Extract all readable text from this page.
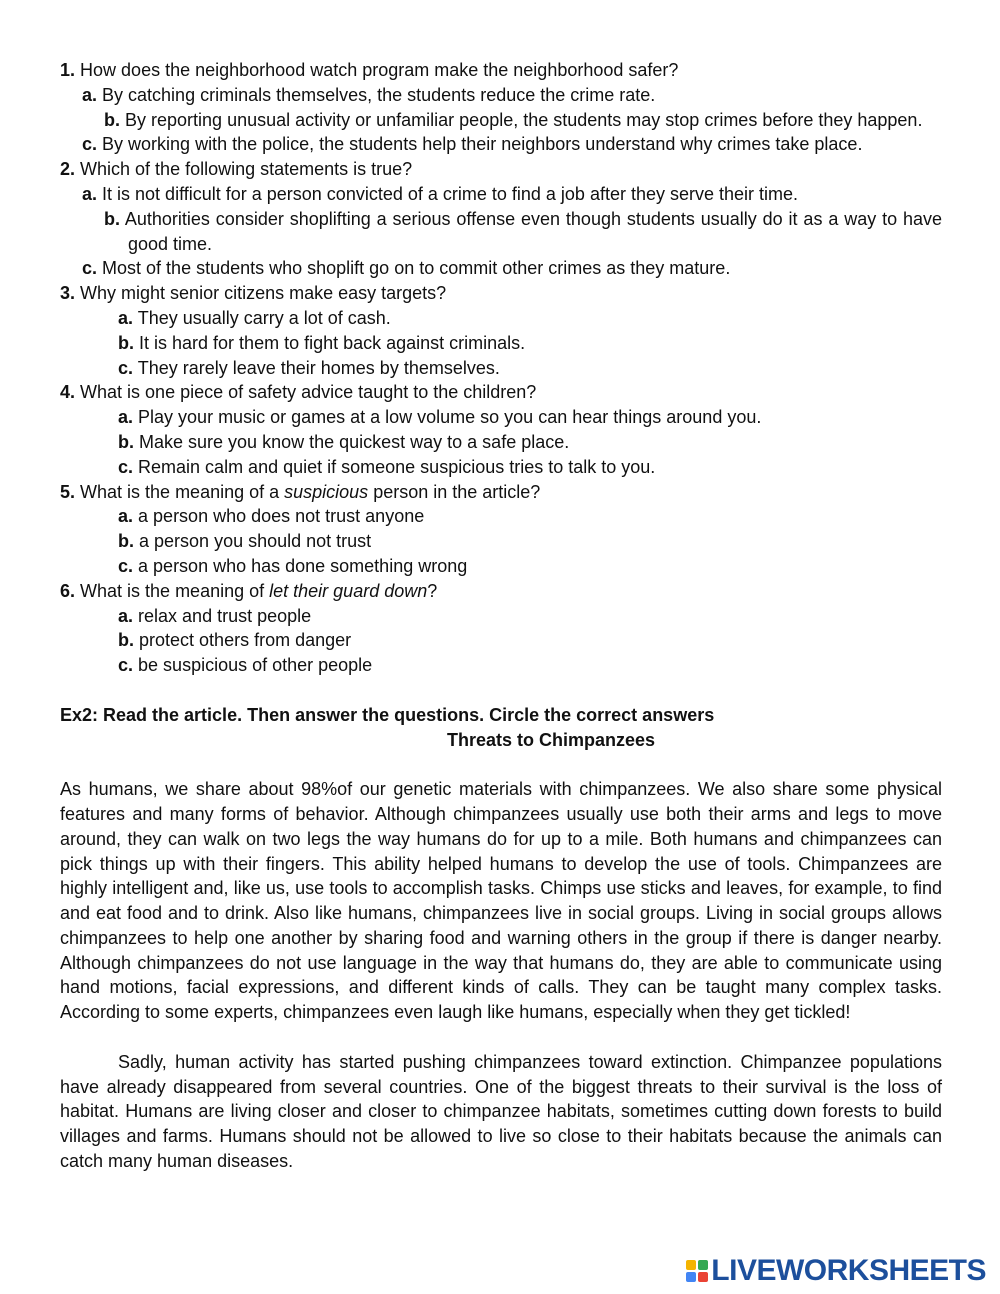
1. How does the neighborhood watch program make the neighborhood safer?
a. By catching criminals themselves, the students reduce the crime rate.
b. By reporting unusual activity or unfamiliar people, the students may stop crimes before they happen.
c. By working with the police, the students help their neighbors understand why crimes take place.
2. Which of the following statements is true?
a. It is not difficult for a person convicted of a crime to find a job after they serve their time.
b. Authorities consider shoplifting a serious offense even though students usually do it as a way to have good time.
c. Most of the students who shoplift go on to commit other crimes as they mature.
3. Why might senior citizens make easy targets?
a. They usually carry a lot of cash.
b. It is hard for them to fight back against criminals.
c. They rarely leave their homes by themselves.
4. What is one piece of safety advice taught to the children?
a. Play your music or games at a low volume so you can hear things around you.
b. Make sure you know the quickest way to a safe place.
c. Remain calm and quiet if someone suspicious tries to talk to you.
5. What is the meaning of a suspicious person in the article?
a. a person who does not trust anyone
b. a person you should not trust
c. a person who has done something wrong
6. What is the meaning of let their guard down?
a. relax and trust people
b. protect others from danger
c. be suspicious of other people
Ex2: Read the article. Then answer the questions. Circle the correct answers
Threats to Chimpanzees
As humans, we share about 98%of our genetic materials with chimpanzees. We also share some physical features and many forms of behavior. Although chimpanzees usually use both their arms and legs to move around, they can walk on two legs the way humans do for up to a mile. Both humans and chimpanzees can pick things up with their fingers. This ability helped humans to develop the use of tools. Chimpanzees are highly intelligent and, like us, use tools to accomplish tasks. Chimps use sticks and leaves, for example, to find and eat food and to drink. Also like humans, chimpanzees live in social groups. Living in social groups allows chimpanzees to help one another by sharing food and warning others in the group if there is danger nearby. Although chimpanzees do not use language in the way that humans do, they are able to communicate using hand motions, facial expressions, and different kinds of calls. They can be taught many complex tasks. According to some experts, chimpanzees even laugh like humans, especially when they get tickled!
Sadly, human activity has started pushing chimpanzees toward extinction. Chimpanzee populations have already disappeared from several countries. One of the biggest threats to their survival is the loss of habitat. Humans are living closer and closer to chimpanzee habitats, sometimes cutting down forests to build villages and farms. Humans should not be allowed to live so close to their habitats because the animals can catch many human diseases.
LIVEWORKSHEETS
